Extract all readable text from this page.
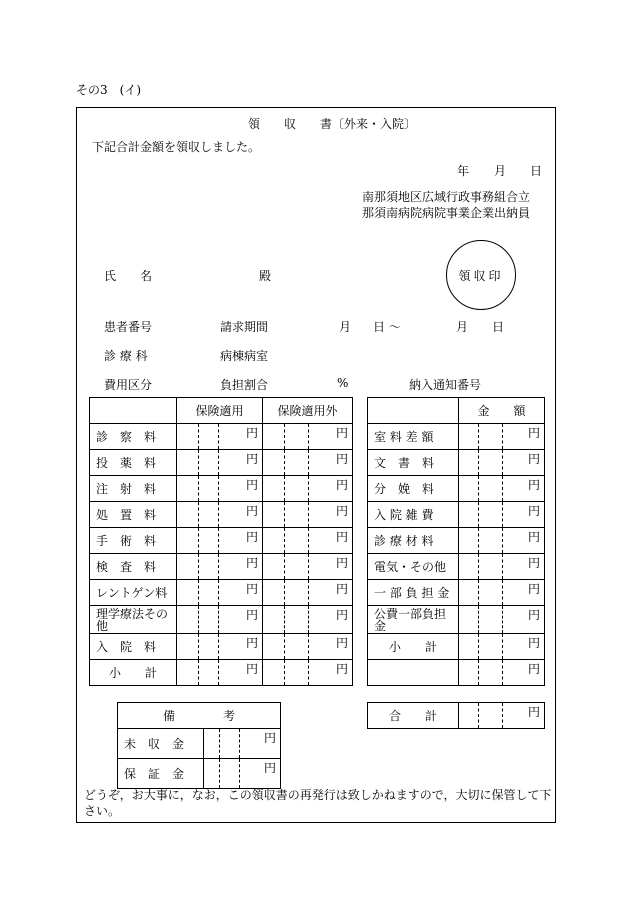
その3　(イ)
領　　収　　書〔外来・入院〕
下記合計金額を領収しました。
年 月 日
南那須地区広域行政事務組合立
那須南病院病院事業企業出納員
氏　　名	殿	領収印
患者番号	請求期間	月 日 〜	月 日
診 療 科	病棟病室
費用区分	負担割合	%	納入通知番号
	保険適用			保険適用外		
診　察　料			円			円
投　薬　料			円			円
注　射　料			円			円
処　置　料			円			円
手　術　料			円			円
検　査　料			円			円
レントゲン料			円			円
理学療法その他			円			円
入　院　料			円			円
小　　計			円			円
	金　　額		
室 料 差 額			円
文　書　料			円
分　娩　料			円
入 院 雑 費			円
診 療 材 料			円
電気・その他			円
一 部 負 担 金			円
公費一部負担金			円
小　　計			円
			円
合　　計			円
備　　　　考			
未　収　金			円
保　証　金			円
どうぞ，お大事に，なお，この領収書の再発行は致しかねますので，大切に保管して下さい。
